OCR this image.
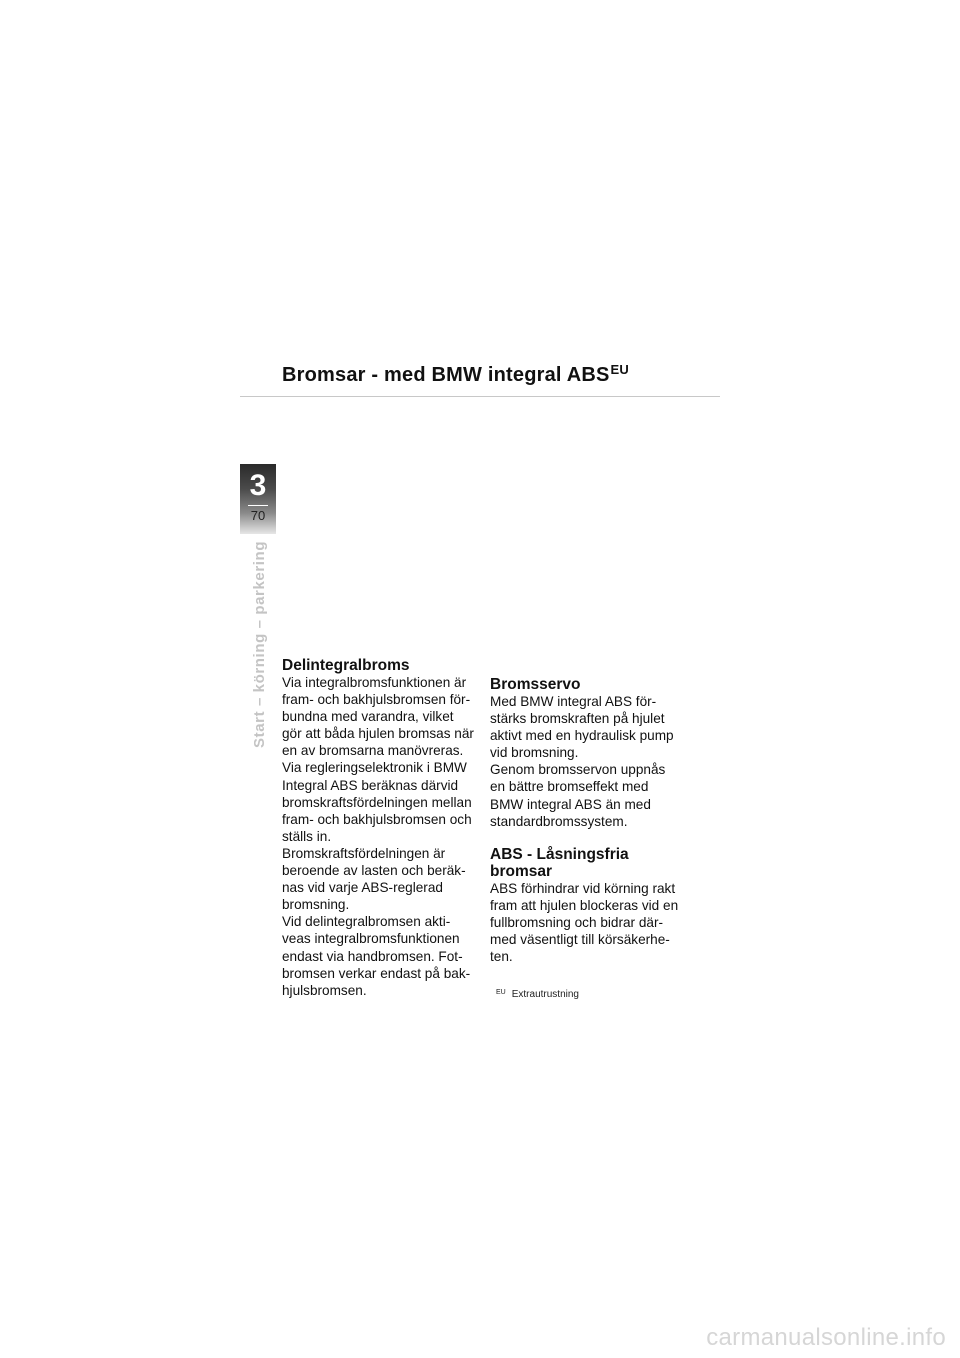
Bromsar - med BMW integral $ABS^{EU}$
3
70
Start – körning – parkering Delintegralbroms
Via integralbromsfunktionen är
fram- och bakhjulsbromsen för-
bundna med varandra, vilket
gör att båda hjulen bromsas när
en av bromsarna manövreras.
Via regleringselektronik i BMW
Integral ABS beräknas därvid
bromskraftsfördelningen mellan
fram- och bakhjulsbromsen och
ställs in.
Bromskraftsfördelningen är
beroende av lasten och beräk-
nas vid varje ABS-reglerad
bromsning.
Vid delintegralbromsen akti-
veas integralbromsfunktionen
endast via handbromsen. Fot-
bromsen verkar endast på bak-
hjulsbromsen.
Bromsservo
Med BMW integral ABS för-
stärks bromskraften på hjulet
aktivt med en hydraulisk pump
vid bromsning.
Genom bromsservon uppnås
en bättre bromseffekt med
BMW integral ABS än med
standardbromssystem.
ABS - Låsningsfria
bromsar
ABS förhindrar vid körning rakt
fram att hjulen blockeras vid en
fullbromsning och bidrar där-
med väsentligt till körsäkerhe-
ten.
$^{EU}$ Extrautrustning
carmanualsonline.info
